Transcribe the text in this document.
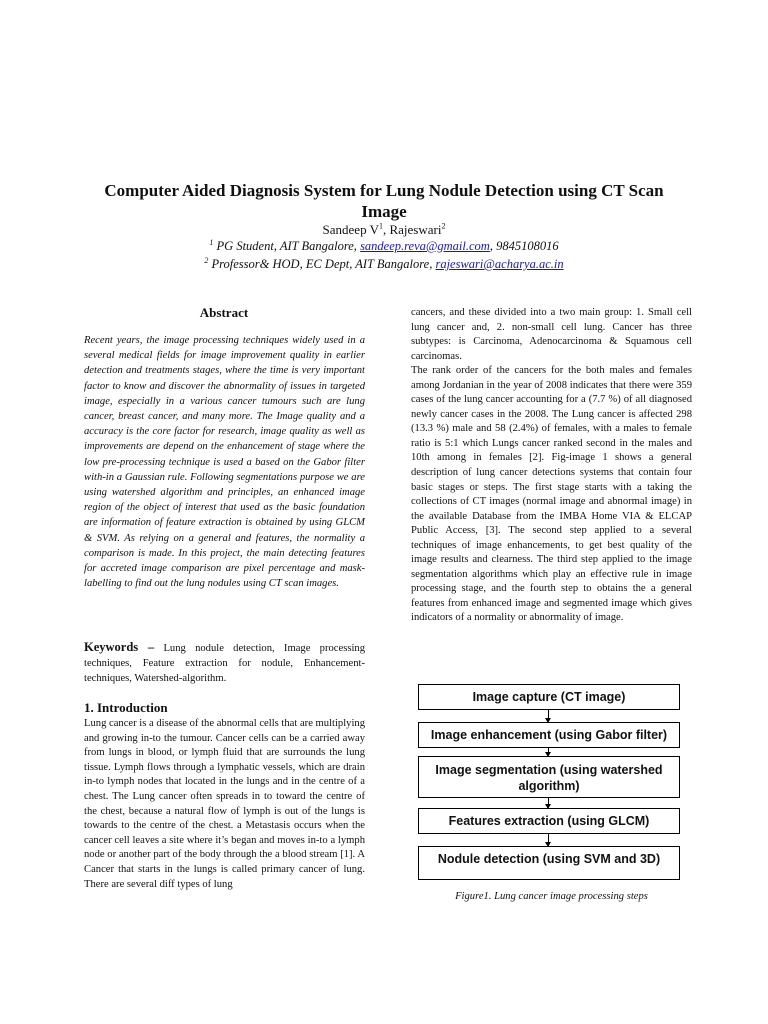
Computer Aided Diagnosis System for Lung Nodule Detection using CT Scan Image
Sandeep $V^1$, Rajeswari$^2$
$^1$ PG Student, AIT Bangalore, sandeep.reva@gmail.com, 9845108016
$^2$ Professor& HOD, EC Dept, AIT Bangalore, rajeswari@acharya.ac.in
Abstract
Recent years, the image processing techniques widely used in a several medical fields for image improvement quality in earlier detection and treatments stages, where the time is very important factor to know and discover the abnormality of issues in targeted image, especially in a various cancer tumours such are lung cancer, breast cancer, and many more. The Image quality and a accuracy is the core factor for research, image quality as well as improvements are depend on the enhancement of stage where the low pre-processing technique is used a based on the Gabor filter with-in a Gaussian rule. Following segmentations purpose we are using watershed algorithm and principles, an enhanced image region of the object of interest that used as the basic foundation are information of feature extraction is obtained by using GLCM & SVM. As relying on a general and features, the normality a comparison is made. In this project, the main detecting features for accreted image comparison are pixel percentage and mask-labelling to find out the lung nodules using CT scan images.
Keywords – Lung nodule detection, Image processing techniques, Feature extraction for nodule, Enhancement-techniques, Watershed-algorithm.
1. Introduction
Lung cancer is a disease of the abnormal cells that are multiplying and growing in-to the tumour. Cancer cells can be a carried away from lungs in blood, or lymph fluid that are surrounds the lung tissue. Lymph flows through a lymphatic vessels, which are drain in-to lymph nodes that located in the lungs and in the centre of a chest. The Lung cancer often spreads in to toward the centre of the chest, because a natural flow of lymph is out of the lungs is towards to the centre of the chest. a Metastasis occurs when the cancer cell leaves a site where it’s began and moves in-to a lymph node or another part of the body through the a blood stream [1]. A Cancer that starts in the lungs is called primary cancer of lung. There are several diff types of lung

cancers, and these divided into a two main group: 1. Small cell lung cancer and, 2. non-small cell lung. Cancer has three subtypes: is Carcinoma, Adenocarcinoma & Squamous cell carcinomas.

The rank order of the cancers for the both males and females among Jordanian in the year of 2008 indicates that there were 359 cases of the lung cancer accounting for a (7.7 %) of all diagnosed newly cancer cases in the 2008. The Lung cancer is affected 298 (13.3 %) male and 58 (2.4%) of females, with a males to female ratio is 5:1 which Lungs cancer ranked second in the males and 10th among in females [2]. Fig-image 1 shows a general description of lung cancer detections systems that contain four basic stages or steps. The first stage starts with a taking the collections of CT images (normal image and abnormal image) in the available Database from the IMBA Home VIA & ELCAP Public Access, [3]. The second step applied to a several techniques of image enhancements, to get best quality of the image results and clearness. The third step applied to the image segmentation algorithms which play an effective rule in image processing stage, and the fourth step to obtains the a general features from enhanced image and segmented image which gives indicators of a normality or abnormality of image.

Image capture (CT image)
Image enhancement (using Gabor filter)
Image segmentation (using watershed algorithm)
Features extraction (using GLCM)
Nodule detection (using SVM and 3D)
Figure1. Lung cancer image processing steps
